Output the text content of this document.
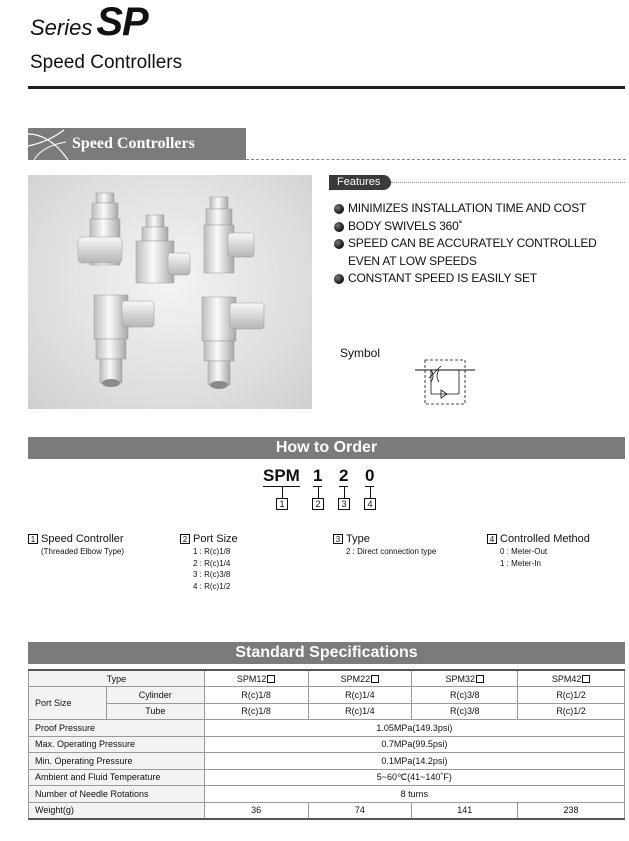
Series SP
Speed Controllers
Speed Controllers
Features
MINIMIZES INSTALLATION TIME AND COST
BODY SWIVELS 360˚
SPEED CAN BE ACCURATELY CONTROLLED EVEN AT LOW SPEEDS
CONSTANT SPEED IS EASILY SET
Symbol
How to Order
SPM 1 2 0
1	2	3	4
1 Speed Controller
(Threaded Elbow Type)
2 Port Size
1 : R(c)1/8
2 : R(c)1/4
3 : R(c)3/8
4 : R(c)1/2
3 Type
2 : Direct connection type
4 Controlled Method
0 : Meter-Out
1 : Meter-In
Standard Specifications
Type		SPM12	SPM22	SPM32	SPM42
Port Size	Cylinder	R(c)1/8	R(c)1/4	R(c)3/8	R(c)1/2
	Tube	R(c)1/8	R(c)1/4	R(c)3/8	R(c)1/2
Proof Pressure		1.05MPa(149.3psi)			
Max. Operating Pressure		0.7MPa(99.5psi)			
Min. Operating Pressure		0.1MPa(14.2psi)			
Ambient and Fluid Temperature		5~60℃(41~140˚F)			
Number of Needle Rotations		8 turns			
Weight(g)		36	74	141	238
